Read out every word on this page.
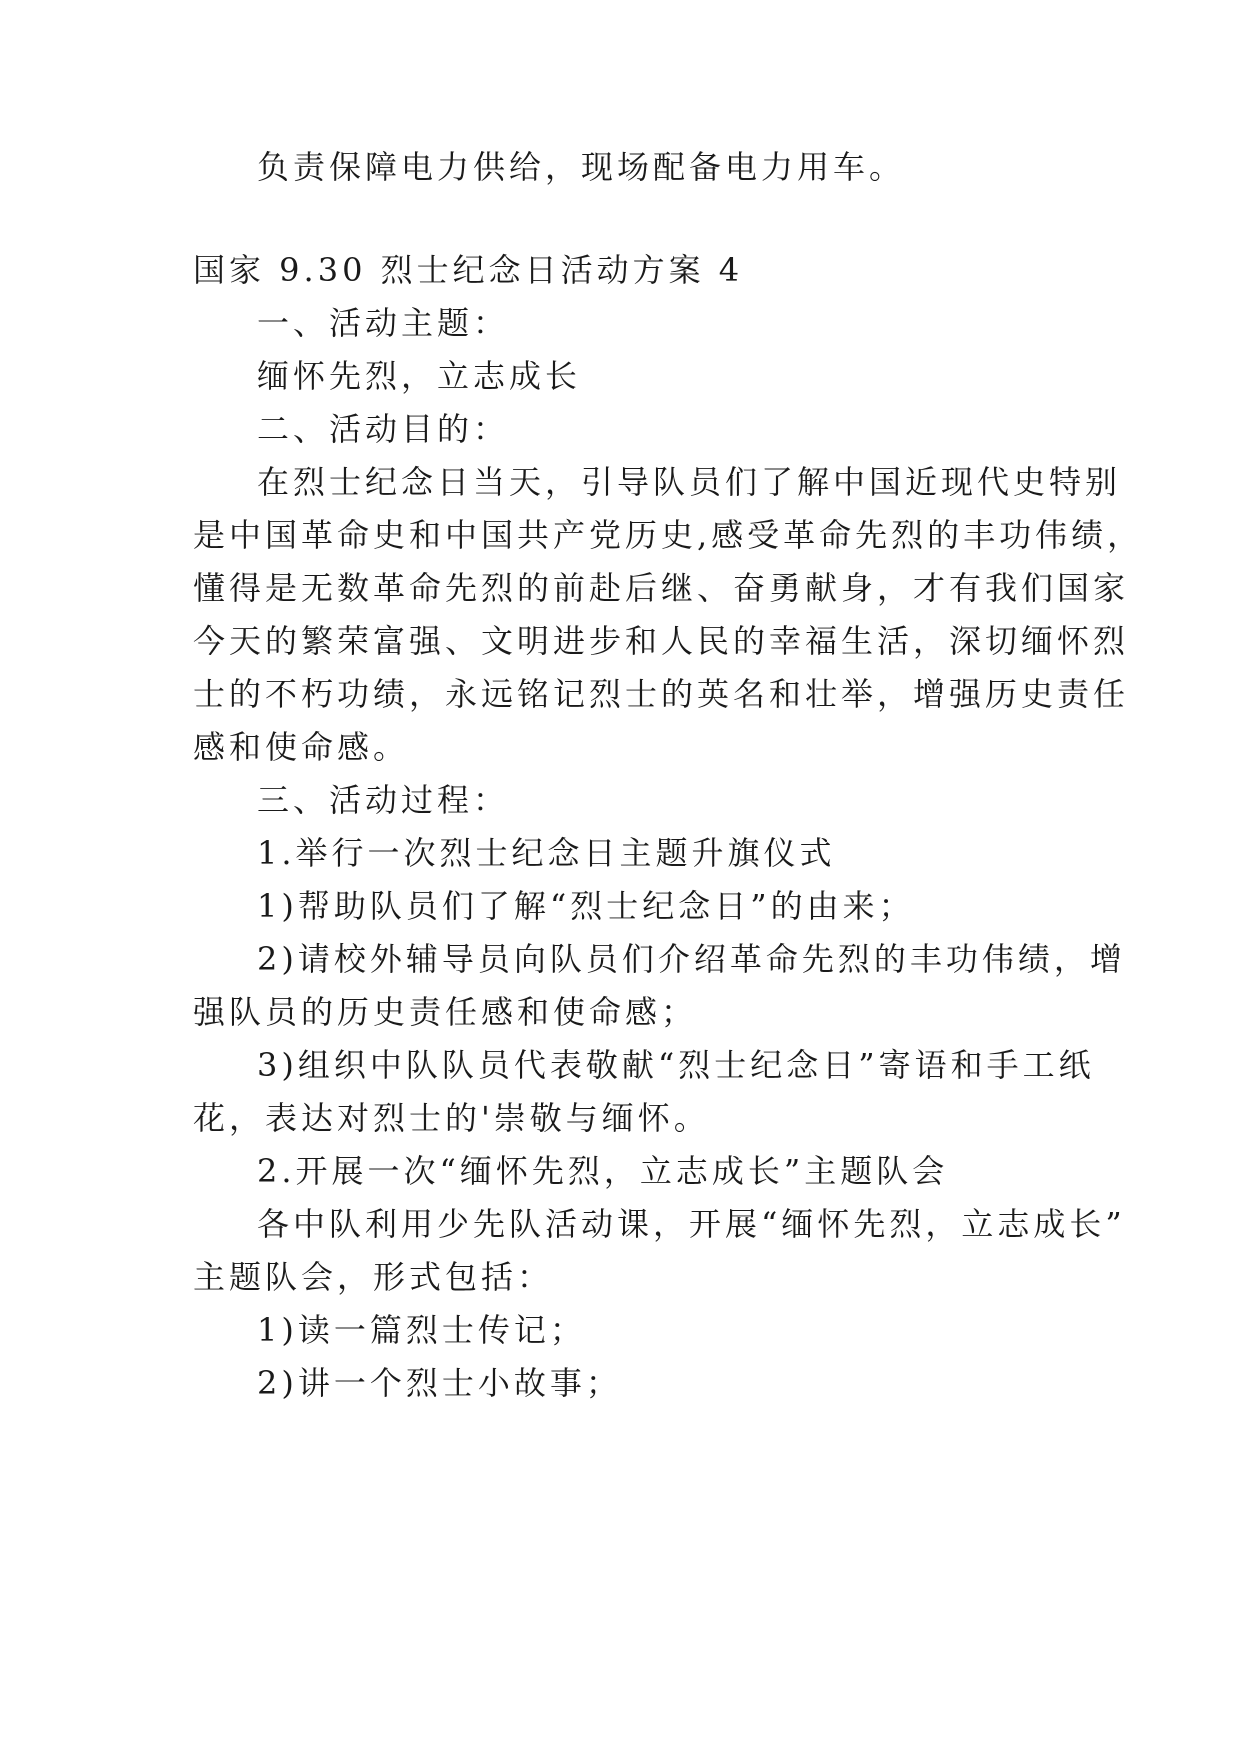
负责保障电力供给，现场配备电力用车。
国家 9.30 烈士纪念日活动方案 4
一、活动主题：
缅怀先烈，立志成长
二、活动目的：
在烈士纪念日当天，引导队员们了解中国近现代史特别
是中国革命史和中国共产党历史,感受革命先烈的丰功伟绩，
懂得是无数革命先烈的前赴后继、奋勇献身，才有我们国家
今天的繁荣富强、文明进步和人民的幸福生活，深切缅怀烈
士的不朽功绩，永远铭记烈士的英名和壮举，增强历史责任
感和使命感。
三、活动过程：
1.举行一次烈士纪念日主题升旗仪式
1)帮助队员们了解“烈士纪念日”的由来；
2)请校外辅导员向队员们介绍革命先烈的丰功伟绩，增
强队员的历史责任感和使命感；
3)组织中队队员代表敬献“烈士纪念日”寄语和手工纸
花，表达对烈士的'崇敬与缅怀。
2.开展一次“缅怀先烈，立志成长”主题队会
各中队利用少先队活动课，开展“缅怀先烈，立志成长”
主题队会，形式包括：
1)读一篇烈士传记；
2)讲一个烈士小故事；
